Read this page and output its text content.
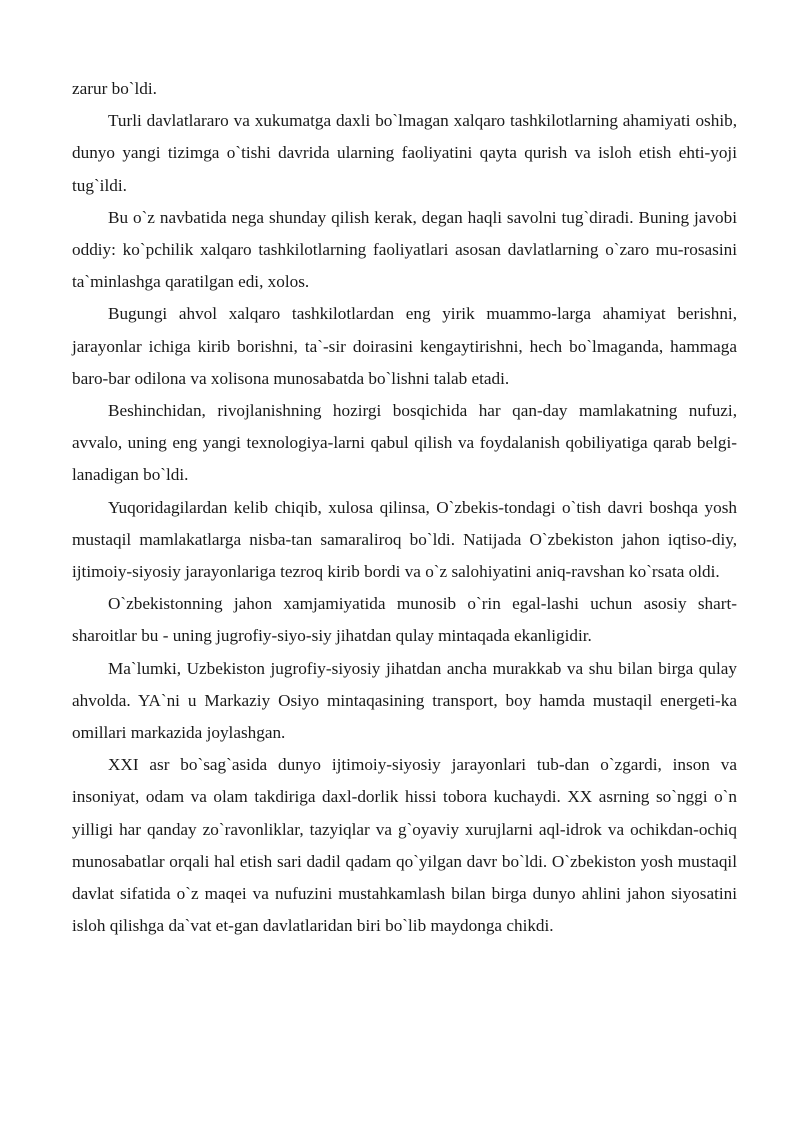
zarur bo`ldi.

Turli davlatlararo va xukumatga daxli bo`lmagan xalqaro tashkilotlarning ahamiyati oshib, dunyo yangi tizimga o`tishi davrida ularning faoliyatini qayta qurish va isloh etish ehti-yoji tug`ildi.

Bu o`z navbatida nega shunday qilish kerak, degan haqli savolni tug`diradi. Buning javobi oddiy: ko`pchilik xalqaro tashkilotlarning faoliyatlari asosan davlatlarning o`zaro mu-rosasini ta`minlashga qaratilgan edi, xolos.

Bugungi ahvol xalqaro tashkilotlardan eng yirik muammo-larga ahamiyat berishni, jarayonlar ichiga kirib borishni, ta`-sir doirasini kengaytirishni, hech bo`lmaganda, hammaga baro-bar odilona va xolisona munosabatda bo`lishni talab etadi.

Beshinchidan, rivojlanishning hozirgi bosqichida har qan-day mamlakatning nufuzi, avvalo, uning eng yangi texnologiya-larni qabul qilish va foydalanish qobiliyatiga qarab belgi-lanadigan bo`ldi.

Yuqoridagilardan kelib chiqib, xulosa qilinsa, O`zbekis-tondagi o`tish davri boshqa yosh mustaqil mamlakatlarga nisba-tan samaraliroq bo`ldi. Natijada O`zbekiston jahon iqtiso-diy, ijtimoiy-siyosiy jarayonlariga tezroq kirib bordi va o`z salohiyatini aniq-ravshan ko`rsata oldi.

O`zbekistonning jahon xamjamiyatida munosib o`rin egal-lashi uchun asosiy shart-sharoitlar bu - uning jugrofiy-siyo-siy jihatdan qulay mintaqada ekanligidir.

Ma`lumki, Uzbekiston jugrofiy-siyosiy jihatdan ancha murakkab va shu bilan birga qulay ahvolda. YA`ni u Markaziy Osiyo mintaqasining transport, boy hamda mustaqil energeti-ka omillari markazida joylashgan.

XXI asr bo`sag`asida dunyo ijtimoiy-siyosiy jarayonlari tub-dan o`zgardi, inson va insoniyat, odam va olam takdiriga daxl-dorlik hissi tobora kuchaydi. XX asrning so`nggi o`n yilligi har qanday zo`ravonliklar, tazyiqlar va g`oyaviy xurujlarni aql-idrok va ochikdan-ochiq munosabatlar orqali hal etish sari dadil qadam qo`yilgan davr bo`ldi. O`zbekiston yosh mustaqil davlat sifatida o`z maqei va nufuzini mustahkamlash bilan birga dunyo ahlini jahon siyosatini isloh qilishga da`vat et-gan davlatlaridan biri bo`lib maydonga chikdi.
